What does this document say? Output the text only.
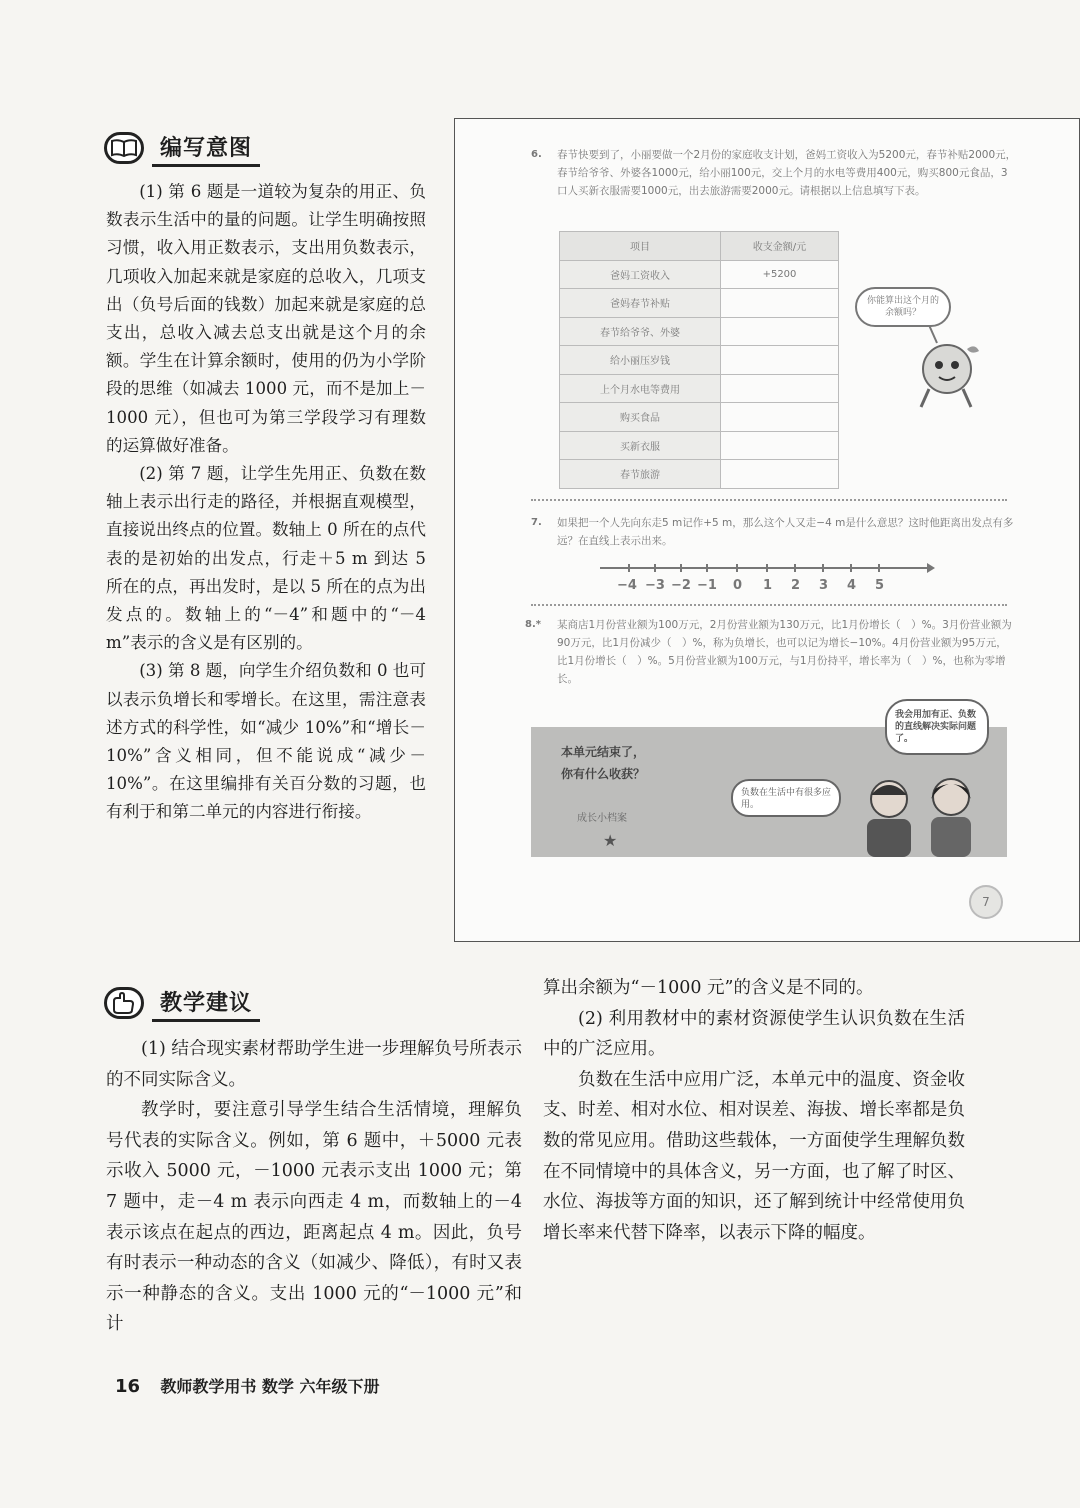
编写意图

(1) 第 6 题是一道较为复杂的用正、负数表示生活中的量的问题。让学生明确按照习惯，收入用正数表示，支出用负数表示，几项收入加起来就是家庭的总收入，几项支出（负号后面的钱数）加起来就是家庭的总支出，总收入减去总支出就是这个月的余额。学生在计算余额时，使用的仍为小学阶段的思维（如减去 1000 元，而不是加上－1000 元），但也可为第三学段学习有理数的运算做好准备。

(2) 第 7 题，让学生先用正、负数在数轴上表示出行走的路径，并根据直观模型，直接说出终点的位置。数轴上 0 所在的点代表的是初始的出发点，行走＋5 m 到达 5 所在的点，再出发时，是以 5 所在的点为出发点的。数轴上的“－4”和题中的“－4 m”表示的含义是有区别的。

(3) 第 8 题，向学生介绍负数和 0 也可以表示负增长和零增长。在这里，需注意表述方式的科学性，如“减少 10%”和“增长－10%”含义相同，但不能说成“减少－10%”。在这里编排有关百分数的习题，也有利于和第二单元的内容进行衔接。

6. 春节快要到了，小丽要做一个2月份的家庭收支计划，爸妈工资收入为5200元，春节补贴2000元，春节给爷爷、外婆各1000元，给小丽100元，交上个月的水电等费用400元，购买800元食品，3口人买新衣服需要1000元，出去旅游需要2000元。请根据以上信息填写下表。
项目	收支金额/元
爸妈工资收入	+5200
爸妈春节补贴	
春节给爷爷、外婆	
给小丽压岁钱	
上个月水电等费用	
购买食品	
买新衣服	
春节旅游	
你能算出这个月的余额吗？
7. 如果把一个人先向东走5 m记作+5 m，那么这个人又走−4 m是什么意思？这时他距离出发点有多远？在直线上表示出来。
−4 −3 −2 −1 0 1 2 3 4 5
8.* 某商店1月份营业额为100万元，2月份营业额为130万元，比1月份增长（　）%。3月份营业额为90万元，比1月份减少（　）%，称为负增长，也可以记为增长−10%。4月份营业额为95万元，比1月份增长（　）%。5月份营业额为100万元，与1月份持平，增长率为（　）%，也称为零增长。
本单元结束了，
你有什么收获？
成长小档案
★
负数在生活中有很多应用。
我会用加有正、负数的直线解决实际问题了。
7
教学建议

(1) 结合现实素材帮助学生进一步理解负号所表示的不同实际含义。

教学时，要注意引导学生结合生活情境，理解负号代表的实际含义。例如，第 6 题中，＋5000 元表示收入 5000 元，－1000 元表示支出 1000 元；第 7 题中，走－4 m 表示向西走 4 m，而数轴上的－4 表示该点在起点的西边，距离起点 4 m。因此，负号有时表示一种动态的含义（如减少、降低），有时又表示一种静态的含义。支出 1000 元的“－1000 元”和计

算出余额为“－1000 元”的含义是不同的。

(2) 利用教材中的素材资源使学生认识负数在生活中的广泛应用。

负数在生活中应用广泛，本单元中的温度、资金收支、时差、相对水位、相对误差、海拔、增长率都是负数的常见应用。借助这些载体，一方面使学生理解负数在不同情境中的具体含义，另一方面，也了解了时区、水位、海拔等方面的知识，还了解到统计中经常使用负增长率来代替下降率，以表示下降的幅度。

16 教师教学用书 数学 六年级下册
